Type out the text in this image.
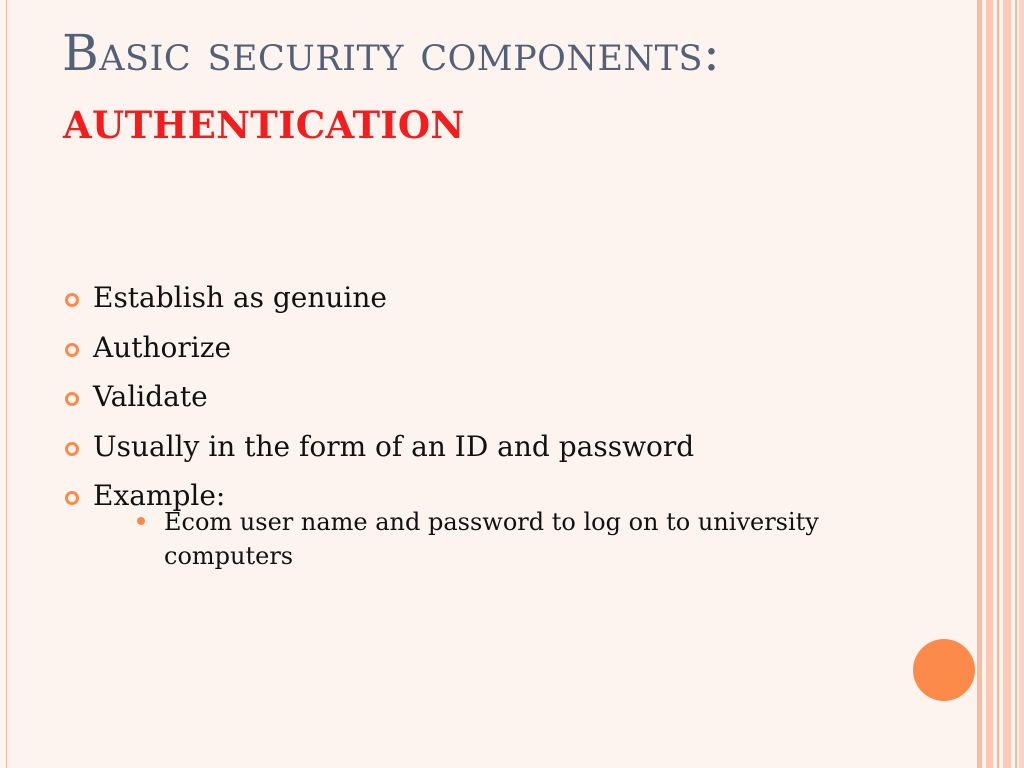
Basic security components:
AUTHENTICATION
Establish as genuine
Authorize
Validate
Usually in the form of an ID and password
Example:
Ecom user name and password to log on to university computers
